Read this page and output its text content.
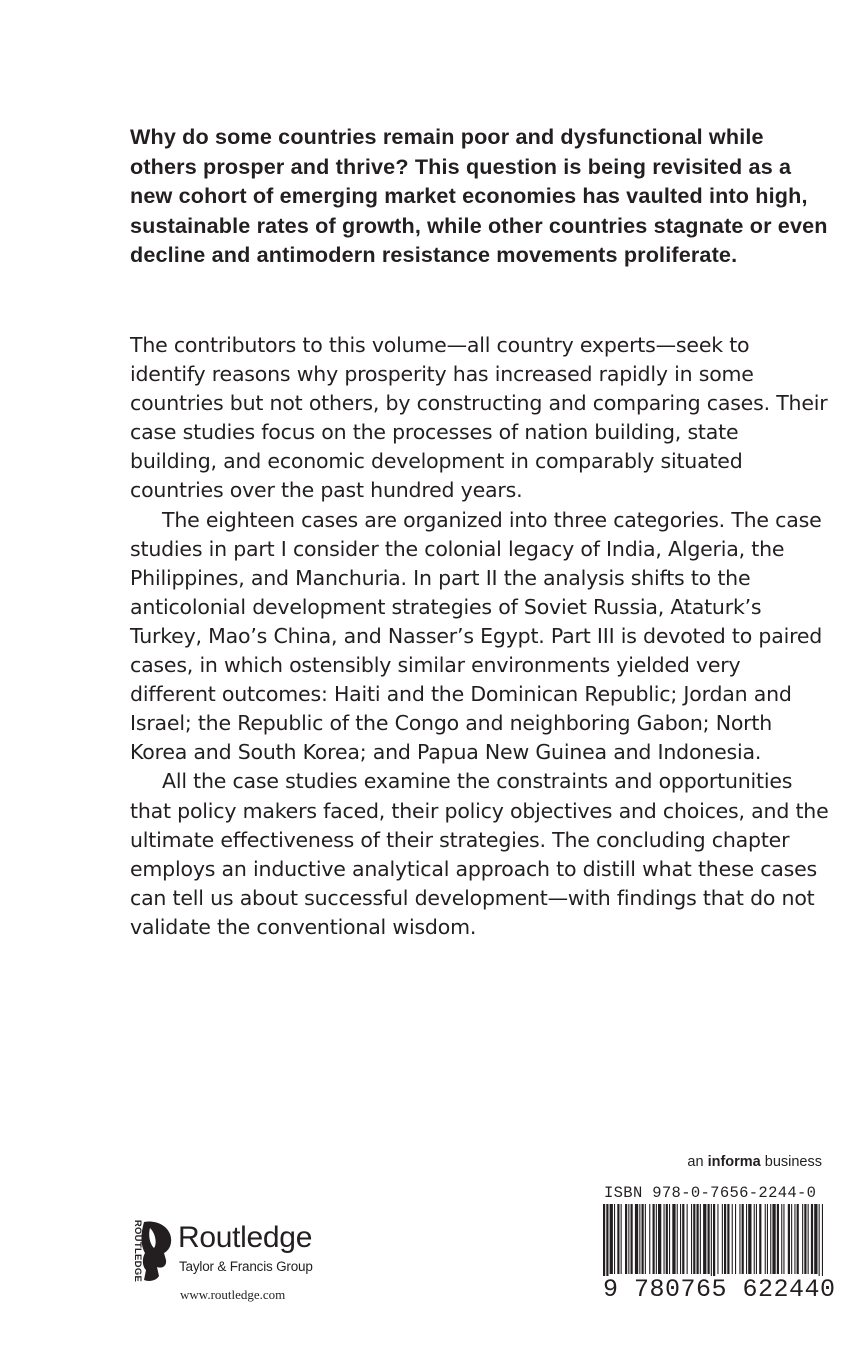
Why do some countries remain poor and dysfunctional while others prosper and thrive? This question is being revisited as a new cohort of emerging market economies has vaulted into high, sustainable rates of growth, while other countries stagnate or even decline and antimodern resistance movements proliferate.

The contributors to this volume—all country experts—seek to identify reasons why prosperity has increased rapidly in some countries but not others, by constructing and comparing cases. Their case studies focus on the processes of nation building, state building, and economic development in comparably situated countries over the past hundred years.

The eighteen cases are organized into three categories. The case studies in part I consider the colonial legacy of India, Algeria, the Philippines, and Manchuria. In part II the analysis shifts to the anticolonial development strategies of Soviet Russia, Ataturk’s Turkey, Mao’s China, and Nasser’s Egypt. Part III is devoted to paired cases, in which ostensibly similar environments yielded very different outcomes: Haiti and the Dominican Republic; Jordan and Israel; the Republic of the Congo and neighboring Gabon; North Korea and South Korea; and Papua New Guinea and Indonesia.

All the case studies examine the constraints and opportunities that policy makers faced, their policy objectives and choices, and the ultimate effectiveness of their strategies. The concluding chapter employs an inductive analytical approach to distill what these cases can tell us about successful development—with findings that do not validate the conventional wisdom.

an informa business
ISBN 978-0-7656-2244-0
9 780765 622440
ROUTLEDGE Routledge
Taylor & Francis Group
www.routledge.com
